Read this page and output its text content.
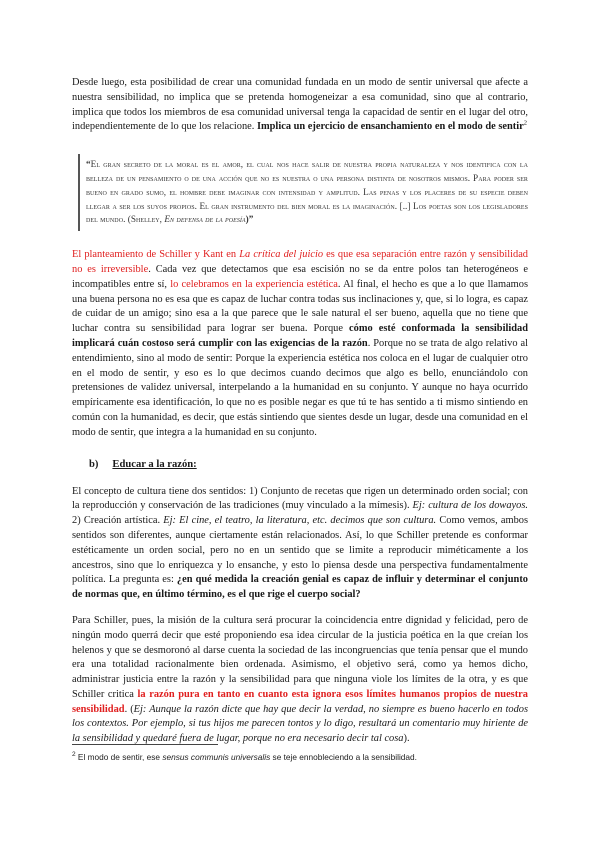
Desde luego, esta posibilidad de crear una comunidad fundada en un modo de sentir universal que afecte a nuestra sensibilidad, no implica que se pretenda homogeneizar a esa comunidad, sino que al contrario, implica que todos los miembros de esa comunidad universal tenga la capacidad de sentir en el lugar del otro, independientemente de lo que los relacione. Implica un ejercicio de ensanchamiento en el modo de sentir$^2$

“El gran secreto de la moral es el amor, el cual nos hace salir de nuestra propia naturaleza y nos identifica con la belleza de un pensamiento o de una acción que no es nuestra o una persona distinta de nosotros mismos. Para poder ser bueno en grado sumo, el hombre debe imaginar con intensidad y amplitud. Las penas y los placeres de su especie deben llegar a ser los suyos propios. El gran instrumento del bien moral es la imaginación. [..] Los poetas son los legisladores del mundo. (Shelley, En defensa de la poesía)”

El planteamiento de Schiller y Kant en La crítica del juicio es que esa separación entre razón y sensibilidad no es irreversible. Cada vez que detectamos que esa escisión no se da entre polos tan heterogéneos e incompatibles entre sí, lo celebramos en la experiencia estética. Al final, el hecho es que a lo que llamamos una buena persona no es esa que es capaz de luchar contra todas sus inclinaciones y, que, si lo logra, es capaz de cuidar de un amigo; sino esa a la que parece que le sale natural el ser bueno, aquella que no tiene que luchar contra su sensibilidad para lograr ser buena. Porque cómo esté conformada la sensibilidad implicará cuán costoso será cumplir con las exigencias de la razón. Porque no se trata de algo relativo al entendimiento, sino al modo de sentir: Porque la experiencia estética nos coloca en el lugar de cualquier otro en el modo de sentir, y eso es lo que decimos cuando decimos que algo es bello, enunciándolo con pretensiones de validez universal, interpelando a la humanidad en su conjunto. Y aunque no haya ocurrido empíricamente esa identificación, lo que no es posible negar es que tú te has sentido a ti mismo sintiendo en común con la humanidad, es decir, que estás sintiendo que sientes desde un lugar, desde una comunidad en el modo de sentir, que integra a la humanidad en su conjunto.

b) Educar a la razón:

El concepto de cultura tiene dos sentidos: 1) Conjunto de recetas que rigen un determinado orden social; con la reproducción y conservación de las tradiciones (muy vinculado a la mímesis). Ej: cultura de los dowayos. 2) Creación artística. Ej: El cine, el teatro, la literatura, etc. decimos que son cultura. Como vemos, ambos sentidos son diferentes, aunque ciertamente están relacionados. Así, lo que Schiller pretende es conformar estéticamente un orden social, pero no en un sentido que se limite a reproducir miméticamente a los ancestros, sino que lo enriquezca y lo ensanche, y esto lo piensa desde una perspectiva fundamentalmente política. La pregunta es: ¿en qué medida la creación genial es capaz de influir y determinar el conjunto de normas que, en último término, es el que rige el cuerpo social?

Para Schiller, pues, la misión de la cultura será procurar la coincidencia entre dignidad y felicidad, pero de ningún modo querrá decir que esté proponiendo esa idea circular de la justicia poética en la que creían los helenos y que se desmoronó al darse cuenta la sociedad de las incongruencias que tenía pensar que el mundo era una totalidad racionalmente bien ordenada. Asimismo, el objetivo será, como ya hemos dicho, administrar justicia entre la razón y la sensibilidad para que ninguna viole los límites de la otra, y es que Schiller critica la razón pura en tanto en cuanto esta ignora esos límites humanos propios de nuestra sensibilidad. (Ej: Aunque la razón dicte que hay que decir la verdad, no siempre es bueno hacerlo en todos los contextos. Por ejemplo, si tus hijos me parecen tontos y lo digo, resultará un comentario muy hiriente de la sensibilidad y quedaré fuera de lugar, porque no era necesario decir tal cosa).

$^2$ El modo de sentir, ese sensus communis universalis se teje ennobleciendo a la sensibilidad.
